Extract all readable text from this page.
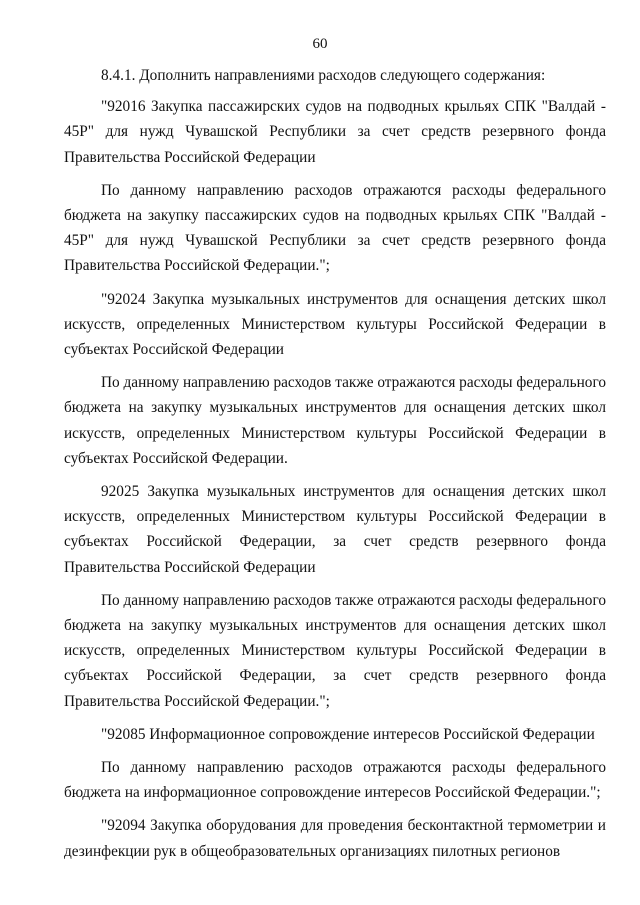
60

8.4.1. Дополнить направлениями расходов следующего содержания:

"92016 Закупка пассажирских судов на подводных крыльях СПК "Валдай - 45Р" для нужд Чувашской Республики за счет средств резервного фонда Правительства Российской Федерации

По данному направлению расходов отражаются расходы федерального бюджета на закупку пассажирских судов на подводных крыльях СПК "Валдай - 45Р" для нужд Чувашской Республики за счет средств резервного фонда Правительства Российской Федерации.";

"92024 Закупка музыкальных инструментов для оснащения детских школ искусств, определенных Министерством культуры Российской Федерации в субъектах Российской Федерации

По данному направлению расходов также отражаются расходы федерального бюджета на закупку музыкальных инструментов для оснащения детских школ искусств, определенных Министерством культуры Российской Федерации в субъектах Российской Федерации.

92025 Закупка музыкальных инструментов для оснащения детских школ искусств, определенных Министерством культуры Российской Федерации в субъектах Российской Федерации, за счет средств резервного фонда Правительства Российской Федерации

По данному направлению расходов также отражаются расходы федерального бюджета на закупку музыкальных инструментов для оснащения детских школ искусств, определенных Министерством культуры Российской Федерации в субъектах Российской Федерации, за счет средств резервного фонда Правительства Российской Федерации.";

"92085 Информационное сопровождение интересов Российской Федерации

По данному направлению расходов отражаются расходы федерального бюджета на информационное сопровождение интересов Российской Федерации.";

"92094 Закупка оборудования для проведения бесконтактной термометрии и дезинфекции рук в общеобразовательных организациях пилотных регионов
